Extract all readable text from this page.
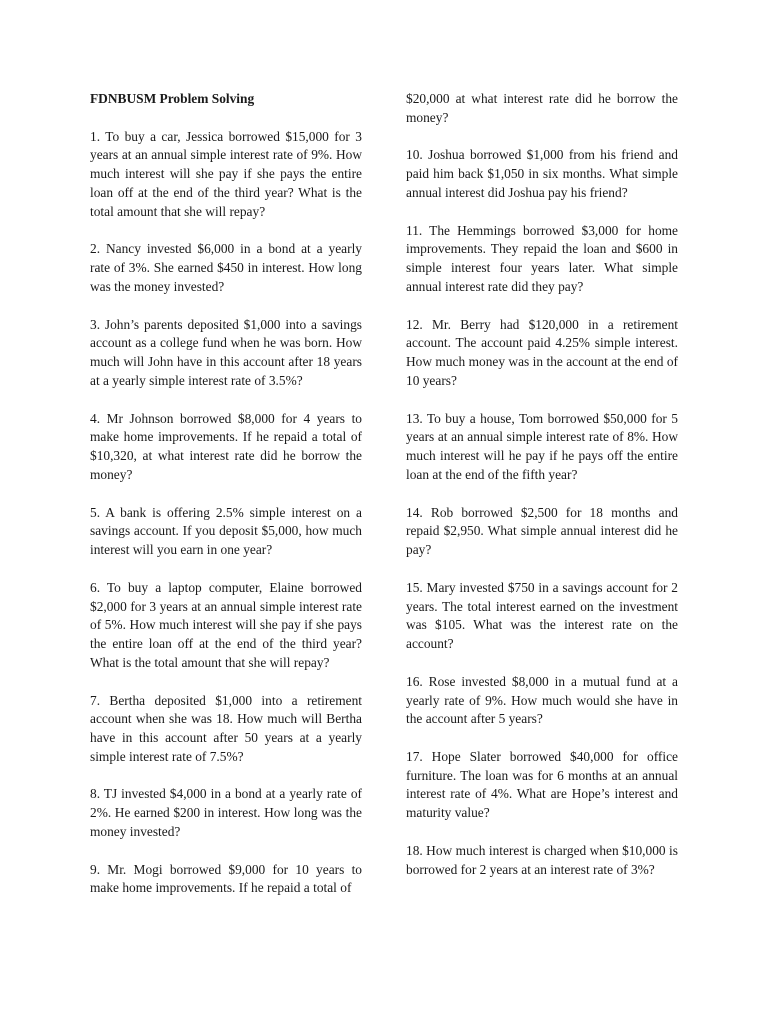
FDNBUSM Problem Solving

1. To buy a car, Jessica borrowed $15,000 for 3 years at an annual simple interest rate of 9%. How much interest will she pay if she pays the entire loan off at the end of the third year? What is the total amount that she will repay?

2. Nancy invested $6,000 in a bond at a yearly rate of 3%. She earned $450 in interest. How long was the money invested?

3. John’s parents deposited $1,000 into a savings account as a college fund when he was born. How much will John have in this account after 18 years at a yearly simple interest rate of 3.5%?

4. Mr Johnson borrowed $8,000 for 4 years to make home improvements. If he repaid a total of $10,320, at what interest rate did he borrow the money?

5. A bank is offering 2.5% simple interest on a savings account. If you deposit $5,000, how much interest will you earn in one year?

6. To buy a laptop computer, Elaine borrowed $2,000 for 3 years at an annual simple interest rate of 5%. How much interest will she pay if she pays the entire loan off at the end of the third year? What is the total amount that she will repay?

7. Bertha deposited $1,000 into a retirement account when she was 18. How much will Bertha have in this account after 50 years at a yearly simple interest rate of 7.5%?

8. TJ invested $4,000 in a bond at a yearly rate of 2%. He earned $200 in interest. How long was the money invested?

9. Mr. Mogi borrowed $9,000 for 10 years to make home improvements. If he repaid a total of

$20,000 at what interest rate did he borrow the money?

10. Joshua borrowed $1,000 from his friend and paid him back $1,050 in six months. What simple annual interest did Joshua pay his friend?

11. The Hemmings borrowed $3,000 for home improvements. They repaid the loan and $600 in simple interest four years later. What simple annual interest rate did they pay?

12. Mr. Berry had $120,000 in a retirement account. The account paid 4.25% simple interest. How much money was in the account at the end of 10 years?

13. To buy a house, Tom borrowed $50,000 for 5 years at an annual simple interest rate of 8%. How much interest will he pay if he pays off the entire loan at the end of the fifth year?

14. Rob borrowed $2,500 for 18 months and repaid $2,950. What simple annual interest did he pay?

15. Mary invested $750 in a savings account for 2 years. The total interest earned on the investment was $105. What was the interest rate on the account?

16. Rose invested $8,000 in a mutual fund at a yearly rate of 9%. How much would she have in the account after 5 years?

17. Hope Slater borrowed $40,000 for office furniture. The loan was for 6 months at an annual interest rate of 4%. What are Hope’s interest and maturity value?

18. How much interest is charged when $10,000 is borrowed for 2 years at an interest rate of 3%?
